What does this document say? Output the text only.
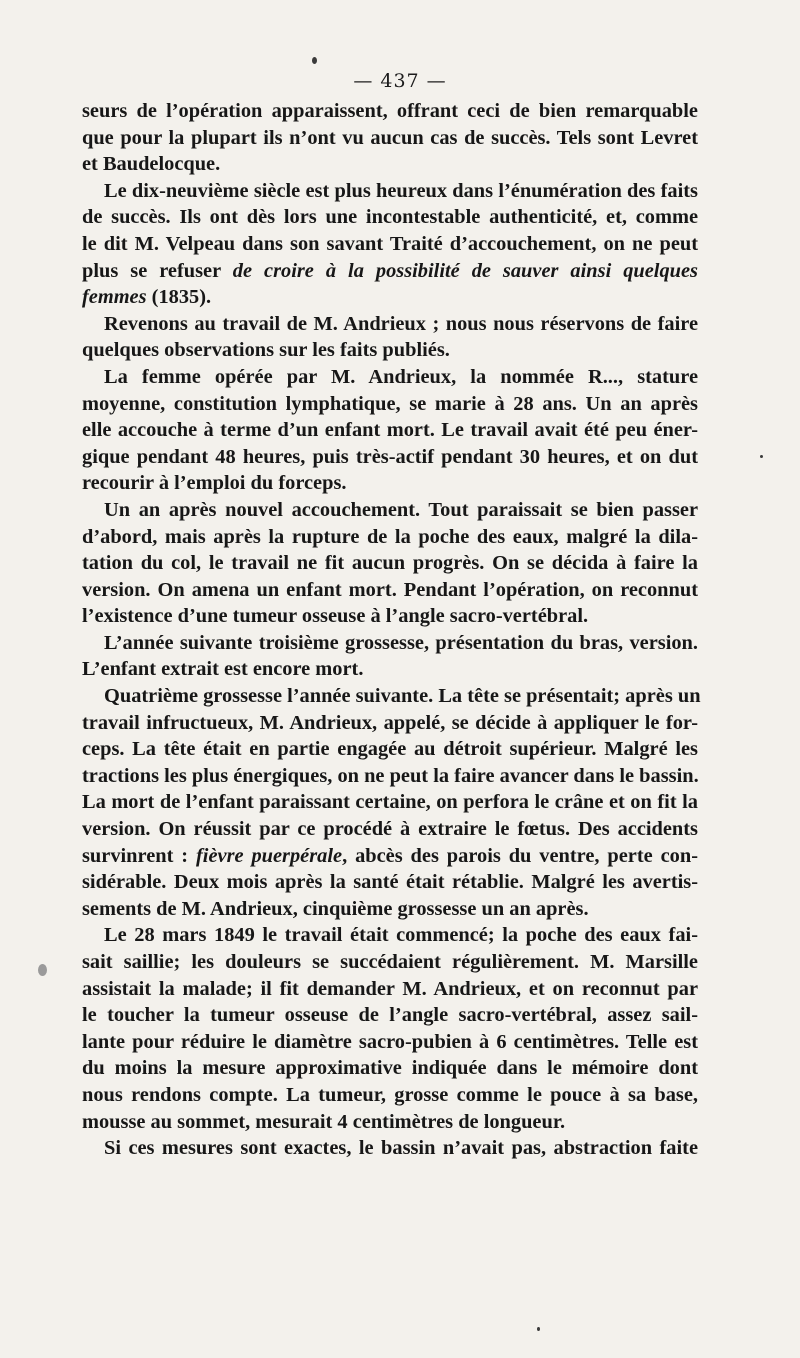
— 437 —
seurs de l’opération apparaissent, offrant ceci de bien remarquable
que pour la plupart ils n’ont vu aucun cas de succès. Tels sont Levret
et Baudelocque.
Le dix-neuvième siècle est plus heureux dans l’énumération des faits
de succès. Ils ont dès lors une incontestable authenticité, et, comme
le dit M. Velpeau dans son savant Traité d’accouchement, on ne peut
plus se refuser de croire à la possibilité de sauver ainsi quelques
femmes (1835).
Revenons au travail de M. Andrieux ; nous nous réservons de faire
quelques observations sur les faits publiés.
La femme opérée par M. Andrieux, la nommée R..., stature
moyenne, constitution lymphatique, se marie à 28 ans. Un an après
elle accouche à terme d’un enfant mort. Le travail avait été peu éner-
gique pendant 48 heures, puis très-actif pendant 30 heures, et on dut
recourir à l’emploi du forceps.
Un an après nouvel accouchement. Tout paraissait se bien passer
d’abord, mais après la rupture de la poche des eaux, malgré la dila-
tation du col, le travail ne fit aucun progrès. On se décida à faire la
version. On amena un enfant mort. Pendant l’opération, on reconnut
l’existence d’une tumeur osseuse à l’angle sacro-vertébral.
L’année suivante troisième grossesse, présentation du bras, version.
L’enfant extrait est encore mort.
Quatrième grossesse l’année suivante. La tête se présentait; après un
travail infructueux, M. Andrieux, appelé, se décide à appliquer le for-
ceps. La tête était en partie engagée au détroit supérieur. Malgré les
tractions les plus énergiques, on ne peut la faire avancer dans le bassin.
La mort de l’enfant paraissant certaine, on perfora le crâne et on fit la
version. On réussit par ce procédé à extraire le fœtus. Des accidents
survinrent : fièvre puerpérale, abcès des parois du ventre, perte con-
sidérable. Deux mois après la santé était rétablie. Malgré les avertis-
sements de M. Andrieux, cinquième grossesse un an après.
Le 28 mars 1849 le travail était commencé; la poche des eaux fai-
sait saillie; les douleurs se succédaient régulièrement. M. Marsille
assistait la malade; il fit demander M. Andrieux, et on reconnut par
le toucher la tumeur osseuse de l’angle sacro-vertébral, assez sail-
lante pour réduire le diamètre sacro-pubien à 6 centimètres. Telle est
du moins la mesure approximative indiquée dans le mémoire dont
nous rendons compte. La tumeur, grosse comme le pouce à sa base,
mousse au sommet, mesurait 4 centimètres de longueur.
Si ces mesures sont exactes, le bassin n’avait pas, abstraction faite
